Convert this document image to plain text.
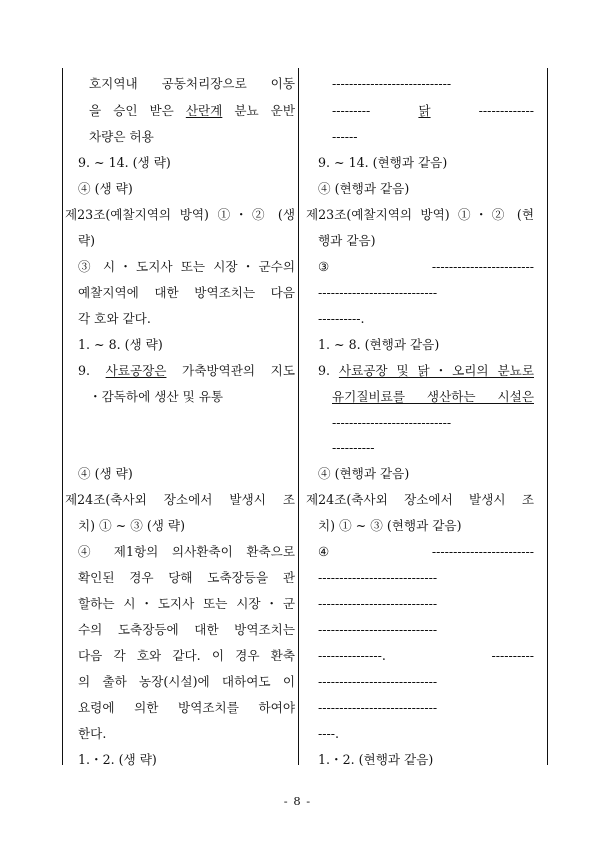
호지역내 공동처리장으로 이동
을 승인 받은 산란계 분뇨 운반
차량은 허용
9. ~ 14. (생 략)
④ (생 략)
제23조(예찰지역의 방역) ①・② (생
략)
③ 시・도지사 또는 시장・군수의
예찰지역에 대한 방역조치는 다음
각 호와 같다.
1. ~ 8. (생 략)
9. 사료공장은 가축방역관의 지도
・감독하에 생산 및 유통
④ (생 략)
제24조(축사외 장소에서 발생시 조
치) ① ~ ③ (생 략)
④ 제1항의 의사환축이 환축으로
확인된 경우 당해 도축장등을 관
할하는 시・도지사 또는 시장・군
수의 도축장등에 대한 방역조치는
다음 각 호와 같다. 이 경우 환축
의 출하 농장(시설)에 대하여도 이
요령에 의한 방역조치를 하여야
한다.
1.・2. (생 략)
----------------------------
--------- 닭 -------------
------
9. ~ 14. (현행과 같음)
④ (현행과 같음)
제23조(예찰지역의 방역) ①・② (현
행과 같음)
③ ------------------------
----------------------------
----------.
1. ~ 8. (현행과 같음)
9. 사료공장 및 닭・오리의 분뇨로
유기질비료를 생산하는 시설은
----------------------------
----------
④ (현행과 같음)
제24조(축사외 장소에서 발생시 조
치) ① ~ ③ (현행과 같음)
④ ------------------------
----------------------------
----------------------------
----------------------------
---------------. ----------
----------------------------
----------------------------
----.
1.・2. (현행과 같음)
- 8 -
